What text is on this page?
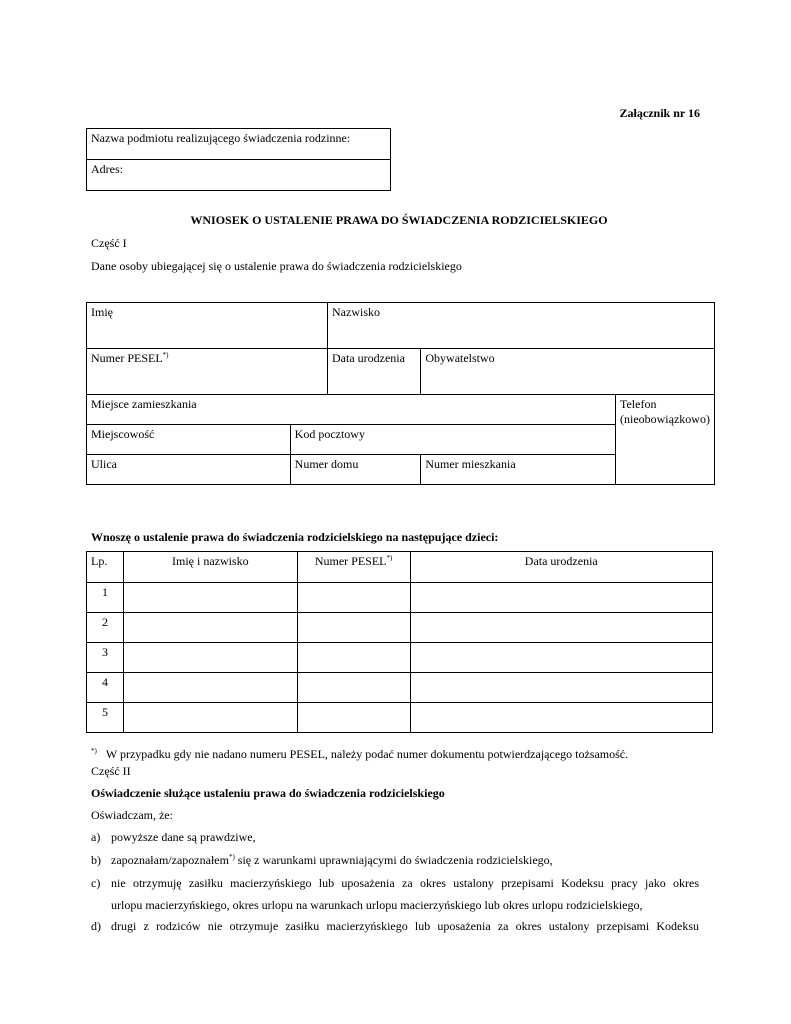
Załącznik nr 16
Nazwa podmiotu realizującego świadczenia rodzinne:

Adres:
WNIOSEK O USTALENIE PRAWA DO ŚWIADCZENIA RODZICIELSKIEGO
Część I
Dane osoby ubiegającej się o ustalenie prawa do świadczenia rodzicielskiego
Imię		Nazwisko		

Numer PESEL*)		Data urodzenia	Obywatelstwo	

Miejsce zamieszkania				Telefon (nieobowiązkowo)

Miejscowość	Kod pocztowy			

Ulica	Numer domu		Numer mieszkania	
Wnoszę o ustalenie prawa do świadczenia rodzicielskiego na następujące dzieci:
Lp.	Imię i nazwisko	Numer PESEL*)	Data urodzenia

1			

2			

3			

4			

5			

*) W przypadku gdy nie nadano numeru PESEL, należy podać numer dokumentu potwierdzającego tożsamość.
Część II
Oświadczenie służące ustaleniu prawa do świadczenia rodzicielskiego
Oświadczam, że:
a) powyższe dane są prawdziwe,
b) zapoznałam/zapoznałem*) się z warunkami uprawniającymi do świadczenia rodzicielskiego,
c) nie otrzymuję zasiłku macierzyńskiego lub uposażenia za okres ustalony przepisami Kodeksu pracy jako okres
urlopu macierzyńskiego, okres urlopu na warunkach urlopu macierzyńskiego lub okres urlopu rodzicielskiego,
d) drugi z rodziców nie otrzymuje zasiłku macierzyńskiego lub uposażenia za okres ustalony przepisami Kodeksu
